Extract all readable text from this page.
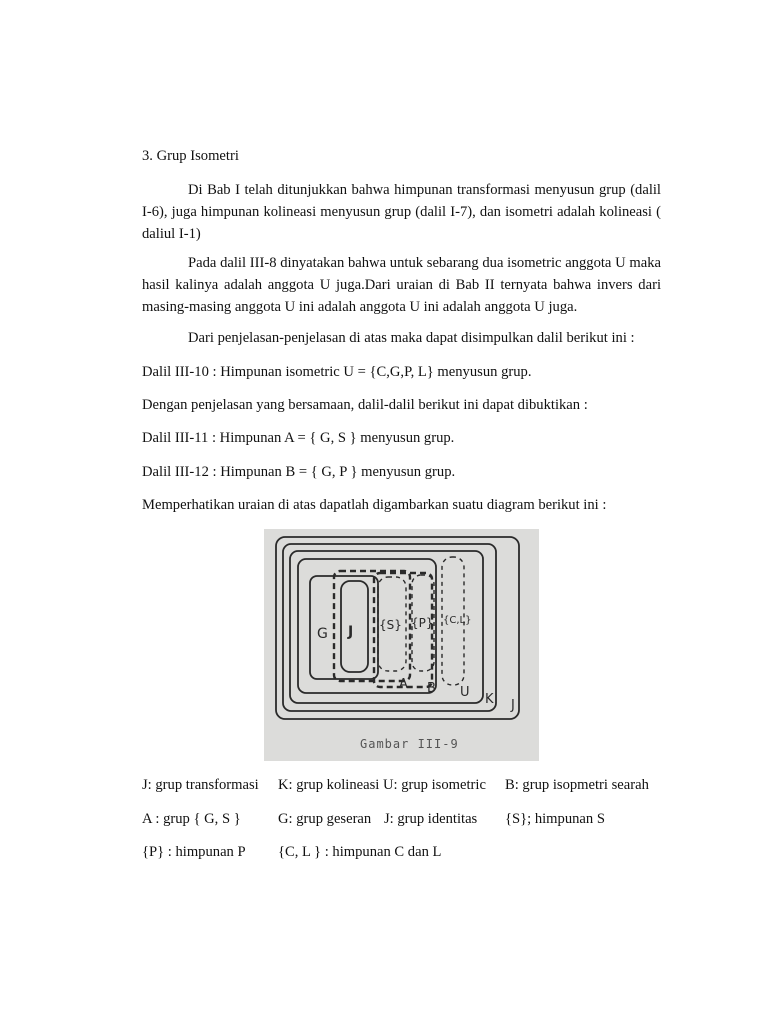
3. Grup Isometri

Di Bab I telah ditunjukkan bahwa himpunan transformasi menyusun grup (dalil I-6), juga himpunan kolineasi menyusun grup (dalil I-7), dan isometri adalah kolineasi ( daliul I-1)

Pada dalil III-8 dinyatakan bahwa untuk sebarang dua isometric anggota U maka hasil kalinya adalah anggota U juga.Dari uraian di Bab II ternyata bahwa invers dari masing-masing anggota U ini adalah anggota U ini adalah anggota U juga.

Dari penjelasan-penjelasan di atas maka dapat disimpulkan dalil berikut ini :

Dalil III-10 : Himpunan isometric U = {C,G,P, L} menyusun grup.

Dengan penjelasan yang bersamaan, dalil-dalil berikut ini dapat dibuktikan :

Dalil III-11 : Himpunan A = { G, S } menyusun grup.

Dalil III-12 : Himpunan B = { G, P } menyusun grup.

Memperhatikan uraian di atas dapatlah digambarkan suatu diagram berikut ini :

G J {S} {P} {C,L}
A B U K J
Gambar III-9

J: grup transformasi K: grup kolineasi U: grup isometric B: grup isopmetri searah

A : grup { G, S }	G: grup geseran J: grup identitas {S}; himpunan S

{P} : himpunan P {C, L } : himpunan C dan L
